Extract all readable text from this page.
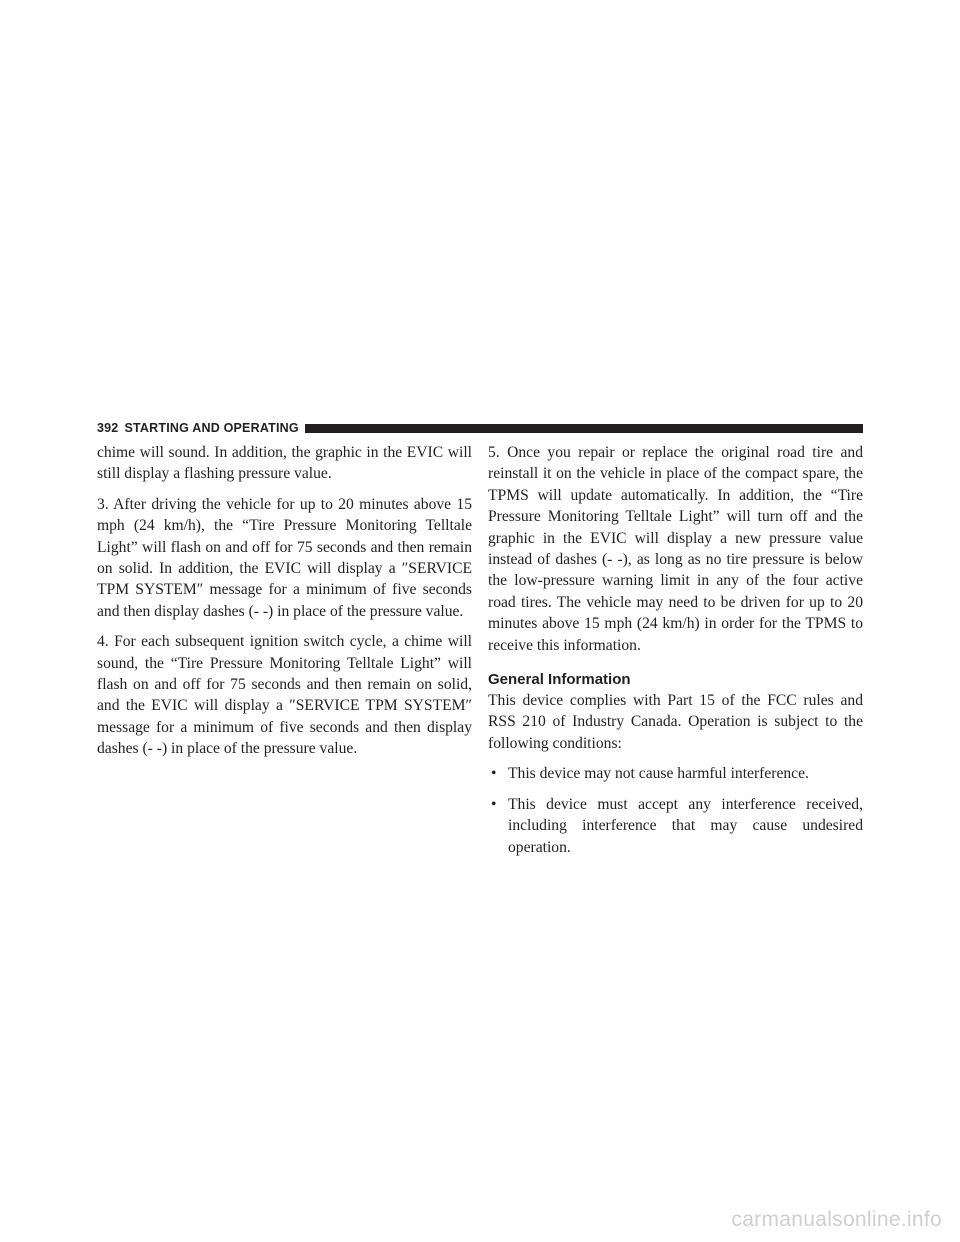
392 STARTING AND OPERATING

chime will sound. In addition, the graphic in the EVIC will still display a flashing pressure value.

3. After driving the vehicle for up to 20 minutes above 15 mph (24 km/h), the “Tire Pressure Monitoring Telltale Light” will flash on and off for 75 seconds and then remain on solid. In addition, the EVIC will display a ″SERVICE TPM SYSTEM″ message for a minimum of five seconds and then display dashes (- -) in place of the pressure value.

4. For each subsequent ignition switch cycle, a chime will sound, the “Tire Pressure Monitoring Telltale Light” will flash on and off for 75 seconds and then remain on solid, and the EVIC will display a ″SERVICE TPM SYSTEM″ message for a minimum of five seconds and then display dashes (- -) in place of the pressure value.

5. Once you repair or replace the original road tire and reinstall it on the vehicle in place of the compact spare, the TPMS will update automatically. In addition, the “Tire Pressure Monitoring Telltale Light” will turn off and the graphic in the EVIC will display a new pressure value instead of dashes (- -), as long as no tire pressure is below the low-pressure warning limit in any of the four active road tires. The vehicle may need to be driven for up to 20 minutes above 15 mph (24 km/h) in order for the TPMS to receive this information.

General Information

This device complies with Part 15 of the FCC rules and RSS 210 of Industry Canada. Operation is subject to the following conditions:

• This device may not cause harmful interference.
• This device must accept any interference received, including interference that may cause undesired operation.
carmanualsonline.info
